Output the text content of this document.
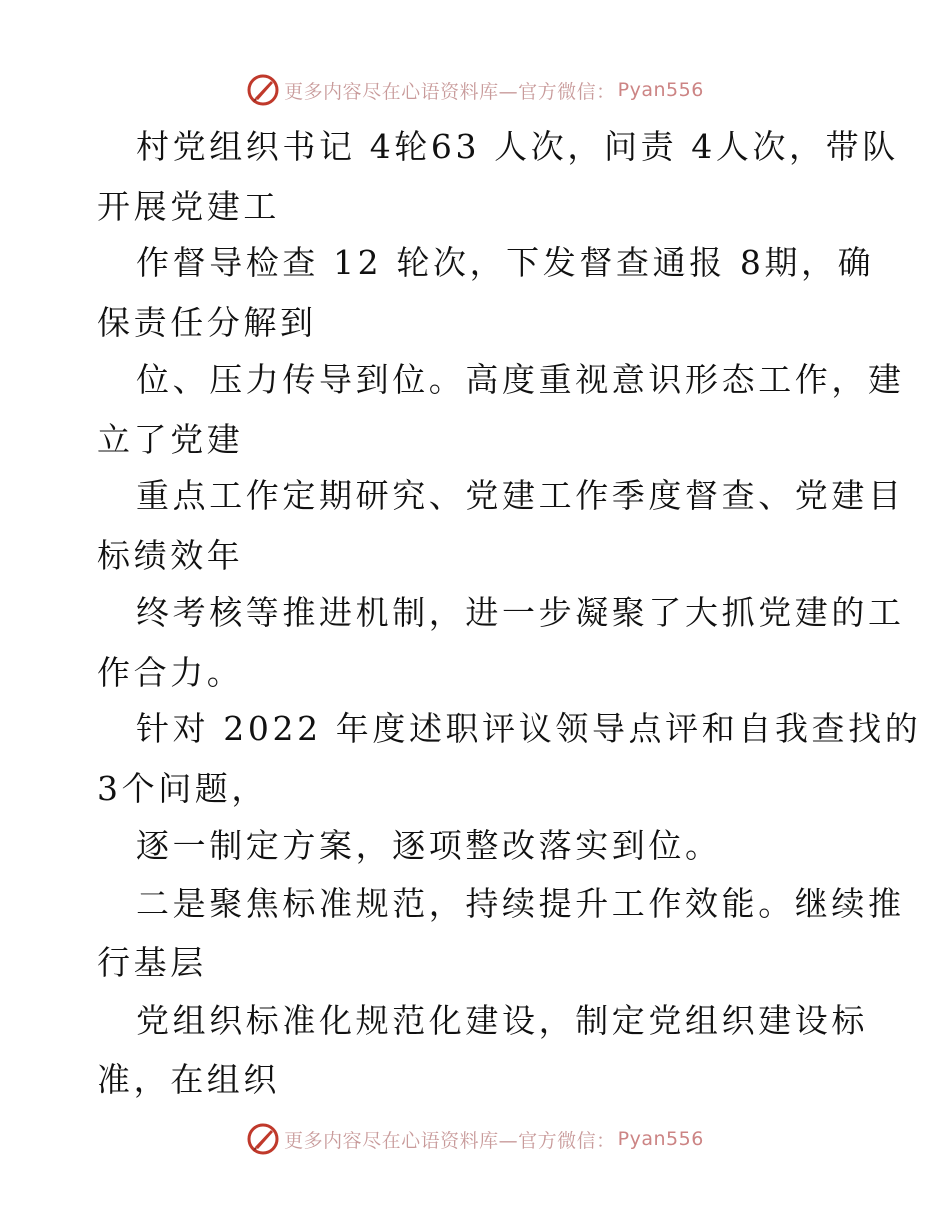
更多内容尽在心语资料库—官方微信： Pyan556
村党组织书记 4轮63 人次，问责 4人次，带队
开展党建工
作督导检查 12 轮次，下发督查通报 8期，确
保责任分解到
位、压力传导到位。高度重视意识形态工作，建
立了党建
重点工作定期研究、党建工作季度督查、党建目
标绩效年
终考核等推进机制，进一步凝聚了大抓党建的工
作合力。
针对 2022 年度述职评议领导点评和自我查找的
3个问题，
逐一制定方案，逐项整改落实到位。
二是聚焦标准规范，持续提升工作效能。继续推
行基层
党组织标准化规范化建设，制定党组织建设标
准，在组织
更多内容尽在心语资料库—官方微信： Pyan556
